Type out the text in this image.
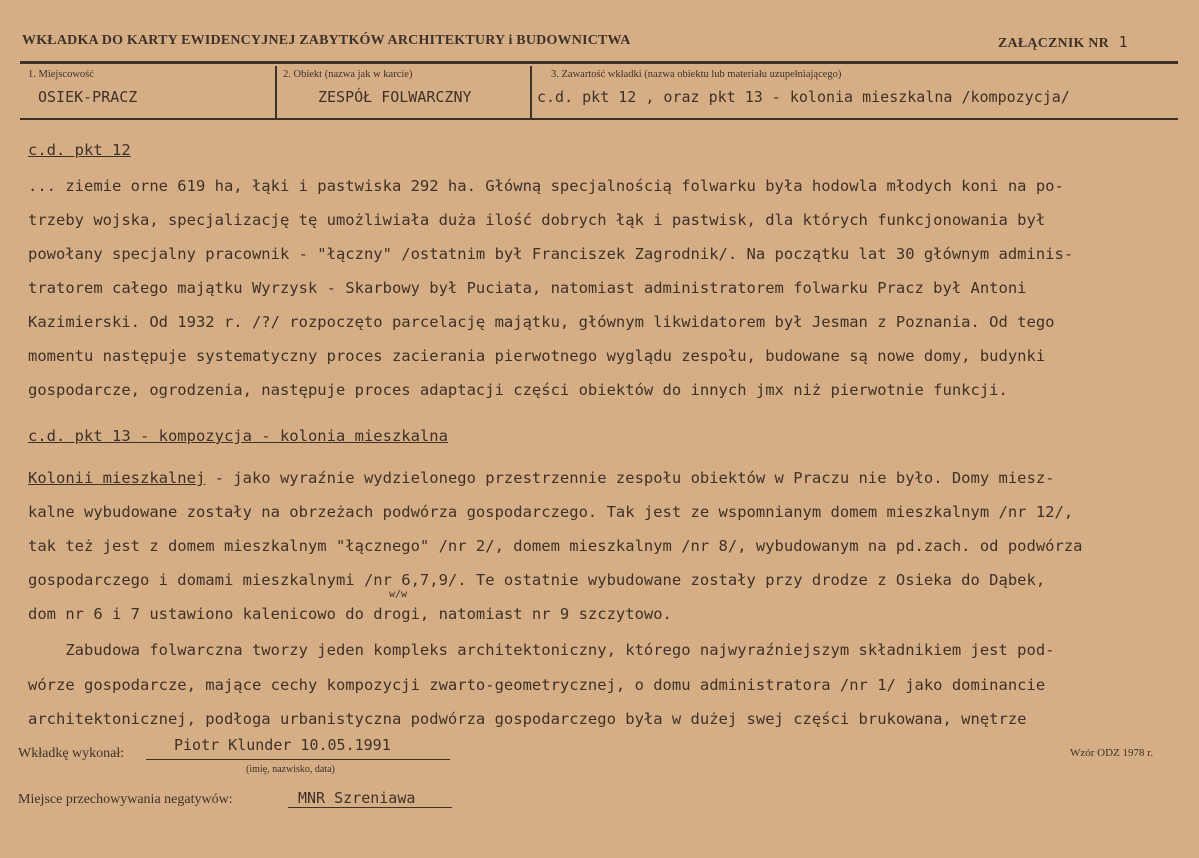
WKŁADKA DO KARTY EWIDENCYJNEJ ZABYTKÓW ARCHITEKTURY i BUDOWNICTWA	ZAŁĄCZNIK NR 1
1. Miejscowość
OSIEK-PRACZ
2. Obiekt (nazwa jak w karcie)
ZESPÓŁ FOLWARCZNY
3. Zawartość wkładki (nazwa obiektu lub materiału uzupełniającego)
c.d. pkt 12 , oraz pkt 13 - kolonia mieszkalna /kompozycja/
c.d. pkt 12
... ziemie orne 619 ha, łąki i pastwiska 292 ha. Główną specjalnością folwarku była hodowla młodych koni na po-
trzeby wojska, specjalizację tę umożliwiała duża ilość dobrych łąk i pastwisk, dla których funkcjonowania był
powołany specjalny pracownik - "łączny" /ostatnim był Franciszek Zagrodnik/. Na początku lat 30 głównym adminis-
tratorem całego majątku Wyrzysk - Skarbowy był Puciata, natomiast administratorem folwarku Pracz był Antoni
Kazimierski. Od 1932 r. /?/ rozpoczęto parcelację majątku, głównym likwidatorem był Jesman z Poznania. Od tego
momentu następuje systematyczny proces zacierania pierwotnego wyglądu zespołu, budowane są nowe domy, budynki
gospodarcze, ogrodzenia, następuje proces adaptacji części obiektów do innych jmx niż pierwotnie funkcji.
c.d. pkt 13 - kompozycja - kolonia mieszkalna
Kolonii mieszkalnej - jako wyraźnie wydzielonego przestrzennie zespołu obiektów w Praczu nie było. Domy miesz-
kalne wybudowane zostały na obrzeżach podwórza gospodarczego. Tak jest ze wspomnianym domem mieszkalnym /nr 12/,
tak też jest z domem mieszkalnym "łącznego" /nr 2/, domem mieszkalnym /nr 8/, wybudowanym na pd.zach. od podwórza
gospodarczego i domami mieszkalnymi /nr 6,7,9/. Te ostatnie wybudowane zostały przy drodze z Osieka do Dąbek,
w/w
dom nr 6 i 7 ustawiono kalenicowo do drogi, natomiast nr 9 szczytowo.
Zabudowa folwarczna tworzy jeden kompleks architektoniczny, którego najwyraźniejszym składnikiem jest pod-
wórze gospodarcze, mające cechy kompozycji zwarto-geometrycznej, o domu administratora /nr 1/ jako dominancie
architektonicznej, podłoga urbanistyczna podwórza gospodarczego była w dużej swej części brukowana, wnętrze
Wkładkę wykonał:	Piotr Klunder 10.05.1991
(imię, nazwisko, data)
Wzór ODZ 1978 r.
Miejsce przechowywania negatywów:	MNR Szreniawa
